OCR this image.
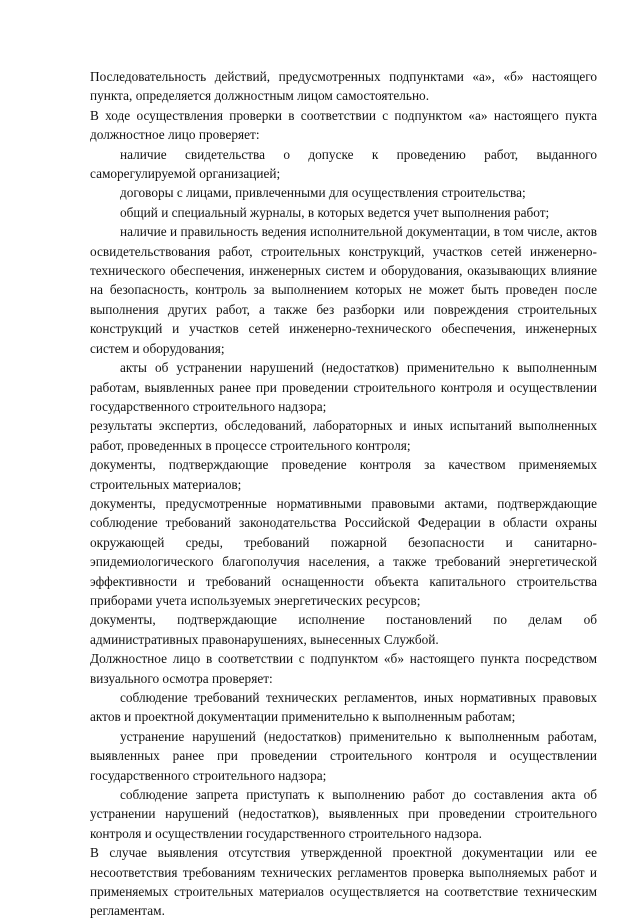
Последовательность действий, предусмотренных подпунктами «а», «б» настоящего пункта, определяется должностным лицом самостоятельно.

В ходе осуществления проверки в соответствии с подпунктом «а» настоящего пукта должностное лицо проверяет:

наличие свидетельства о допуске к проведению работ, выданного саморегулируемой организацией;

договоры с лицами, привлеченными для осуществления строительства;

общий и специальный журналы, в которых ведется учет выполнения работ;

наличие и правильность ведения исполнительной документации, в том числе, актов освидетельствования работ, строительных конструкций, участков сетей инженерно-технического обеспечения, инженерных систем и оборудования, оказывающих влияние на безопасность, контроль за выполнением которых не может быть проведен после выполнения других работ, а также без разборки или повреждения строительных конструкций и участков сетей инженерно-технического обеспечения, инженерных систем и оборудования;

акты об устранении нарушений (недостатков) применительно к выполненным работам, выявленных ранее при проведении строительного контроля и осуществлении государственного строительного надзора;

результаты экспертиз, обследований, лабораторных и иных испытаний выполненных работ, проведенных в процессе строительного контроля;

документы, подтверждающие проведение контроля за качеством применяемых строительных материалов;

документы, предусмотренные нормативными правовыми актами, подтверждающие соблюдение требований законодательства Российской Федерации в области охраны окружающей среды, требований пожарной безопасности и санитарно-эпидемиологического благополучия населения, а также требований энергетической эффективности и требований оснащенности объекта капитального строительства приборами учета используемых энергетических ресурсов;

документы, подтверждающие исполнение постановлений по делам об административных правонарушениях, вынесенных Службой.

Должностное лицо в соответствии с подпунктом «б» настоящего пункта посредством визуального осмотра проверяет:

соблюдение требований технических регламентов, иных нормативных правовых актов и проектной документации применительно к выполненным работам;

устранение нарушений (недостатков) применительно к выполненным работам, выявленных ранее при проведении строительного контроля и осуществлении государственного строительного надзора;

соблюдение запрета приступать к выполнению работ до составления акта об устранении нарушений (недостатков), выявленных при проведении строительного контроля и осуществлении государственного строительного надзора.

В случае выявления отсутствия утвержденной проектной документации или ее несоответствия требованиям технических регламентов проверка выполняемых работ и применяемых строительных материалов осуществляется на соответствие техническим регламентам.
